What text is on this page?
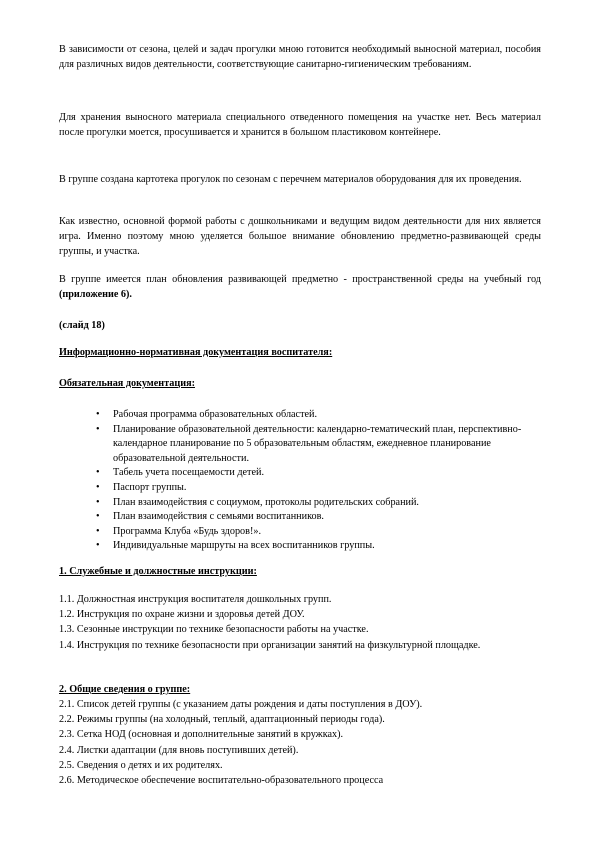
В зависимости от сезона, целей и задач прогулки мною готовится необходимый выносной материал, пособия для различных видов деятельности, соответствующие санитарно-гигиеническим требованиям.

Для хранения выносного материала специального отведенного помещения на участке нет. Весь материал после прогулки моется, просушивается и хранится в большом пластиковом контейнере.

В группе создана картотека прогулок по сезонам с перечнем материалов оборудования для их проведения.

Как известно, основной формой работы с дошкольниками и ведущим видом деятельности для них является игра. Именно поэтому мною уделяется большое внимание обновлению предметно-развивающей среды группы, и участка.

В группе имеется план обновления развивающей предметно - пространственной среды на учебный год (приложение 6).

(слайд 18)

Информационно-нормативная документация воспитателя:

Обязательная документация:

• Рабочая программа образовательных областей.
• Планирование образовательной деятельности: календарно-тематический план, перспективно- календарное планирование по 5 образовательным областям, ежедневное планирование образовательной деятельности.
• Табель учета посещаемости детей.
• Паспорт группы.
• План взаимодействия с социумом, протоколы родительских собраний.
• План взаимодействия с семьями воспитанников.
• Программа Клуба «Будь здоров!».
• Индивидуальные маршруты на всех воспитанников группы.

1. Служебные и должностные инструкции:

1.1. Должностная инструкция воспитателя дошкольных групп.
1.2. Инструкция по охране жизни и здоровья детей ДОУ.
1.3. Сезонные инструкции по технике безопасности работы на участке.
1.4. Инструкция по технике безопасности при организации занятий на физкультурной площадке.

2. Общие сведения о группе:

2.1. Список детей группы (с указанием даты рождения и даты поступления в ДОУ).
2.2. Режимы группы (на холодный, теплый, адаптационный периоды года).
2.3. Сетка НОД (основная и дополнительные занятий в кружках).
2.4. Листки адаптации (для вновь поступивших детей).
2.5. Сведения о детях и их родителях.
2.6. Методическое обеспечение воспитательно-образовательного процесса
